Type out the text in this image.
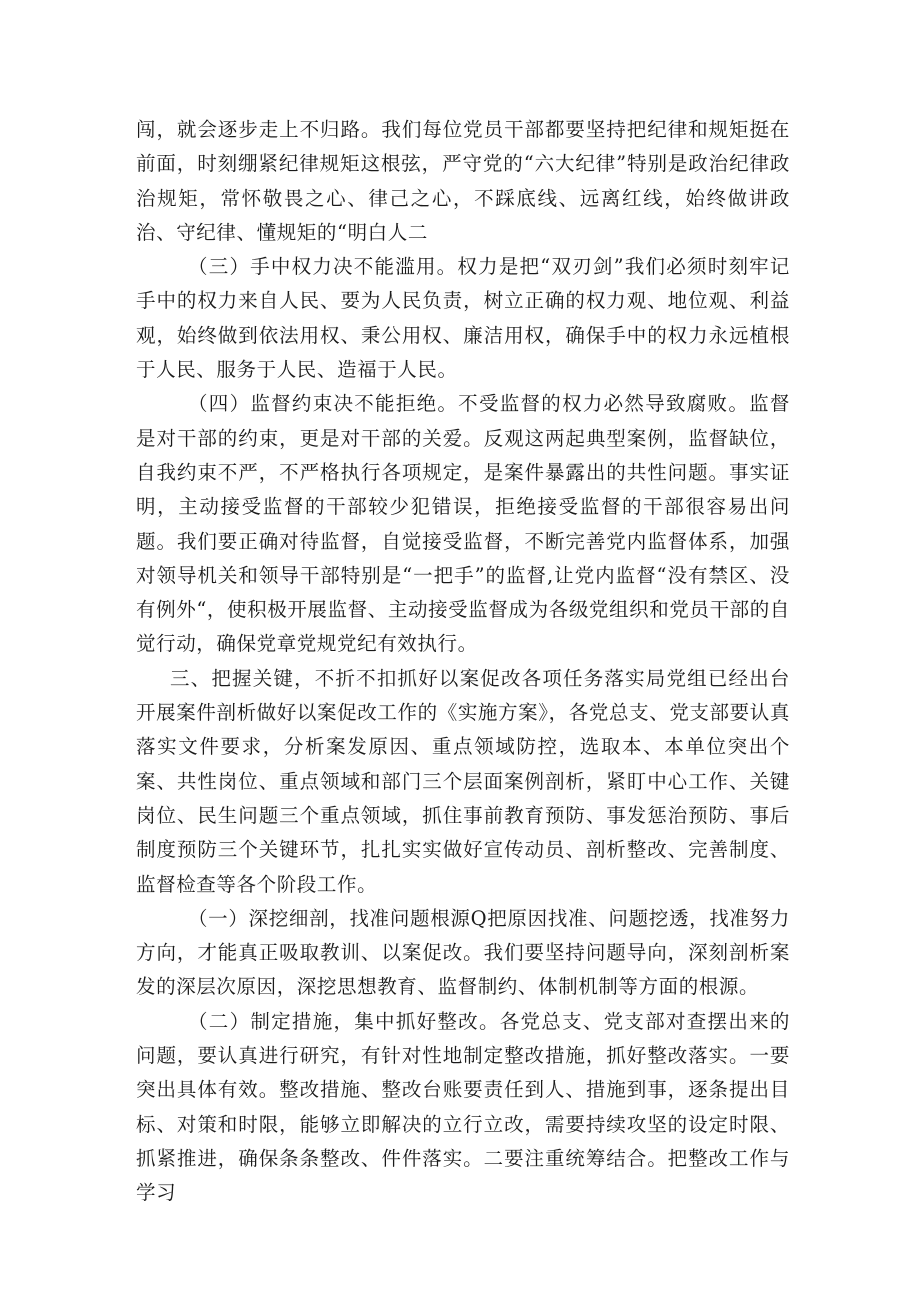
闯，就会逐步走上不归路。我们每位党员干部都要坚持把纪律和规矩挺在前面，时刻绷紧纪律规矩这根弦，严守党的“六大纪律”特别是政治纪律政治规矩，常怀敬畏之心、律己之心，不踩底线、远离红线，始终做讲政治、守纪律、懂规矩的“明白人二

（三）手中权力决不能滥用。权力是把“双刃剑”我们必须时刻牢记手中的权力来自人民、要为人民负责，树立正确的权力观、地位观、利益观，始终做到依法用权、秉公用权、廉洁用权，确保手中的权力永远植根于人民、服务于人民、造福于人民。

（四）监督约束决不能拒绝。不受监督的权力必然导致腐败。监督是对干部的约束，更是对干部的关爱。反观这两起典型案例，监督缺位，自我约束不严，不严格执行各项规定，是案件暴露出的共性问题。事实证明，主动接受监督的干部较少犯错误，拒绝接受监督的干部很容易出问题。我们要正确对待监督，自觉接受监督，不断完善党内监督体系，加强对领导机关和领导干部特别是“一把手”的监督,让党内监督“没有禁区、没有例外“，使积极开展监督、主动接受监督成为各级党组织和党员干部的自觉行动，确保党章党规党纪有效执行。

三、把握关键，不折不扣抓好以案促改各项任务落实局党组已经出台开展案件剖析做好以案促改工作的《实施方案》，各党总支、党支部要认真落实文件要求，分析案发原因、重点领域防控，选取本、本单位突出个案、共性岗位、重点领域和部门三个层面案例剖析，紧盯中心工作、关键岗位、民生问题三个重点领域，抓住事前教育预防、事发惩治预防、事后制度预防三个关键环节，扎扎实实做好宣传动员、剖析整改、完善制度、监督检查等各个阶段工作。

（一）深挖细剖，找准问题根源Q把原因找准、问题挖透，找准努力方向，才能真正吸取教训、以案促改。我们要坚持问题导向，深刻剖析案发的深层次原因，深挖思想教育、监督制约、体制机制等方面的根源。

（二）制定措施，集中抓好整改。各党总支、党支部对查摆出来的问题，要认真进行研究，有针对性地制定整改措施，抓好整改落实。一要突出具体有效。整改措施、整改台账要责任到人、措施到事，逐条提出目标、对策和时限，能够立即解决的立行立改，需要持续攻坚的设定时限、抓紧推进，确保条条整改、件件落实。二要注重统筹结合。把整改工作与学习
